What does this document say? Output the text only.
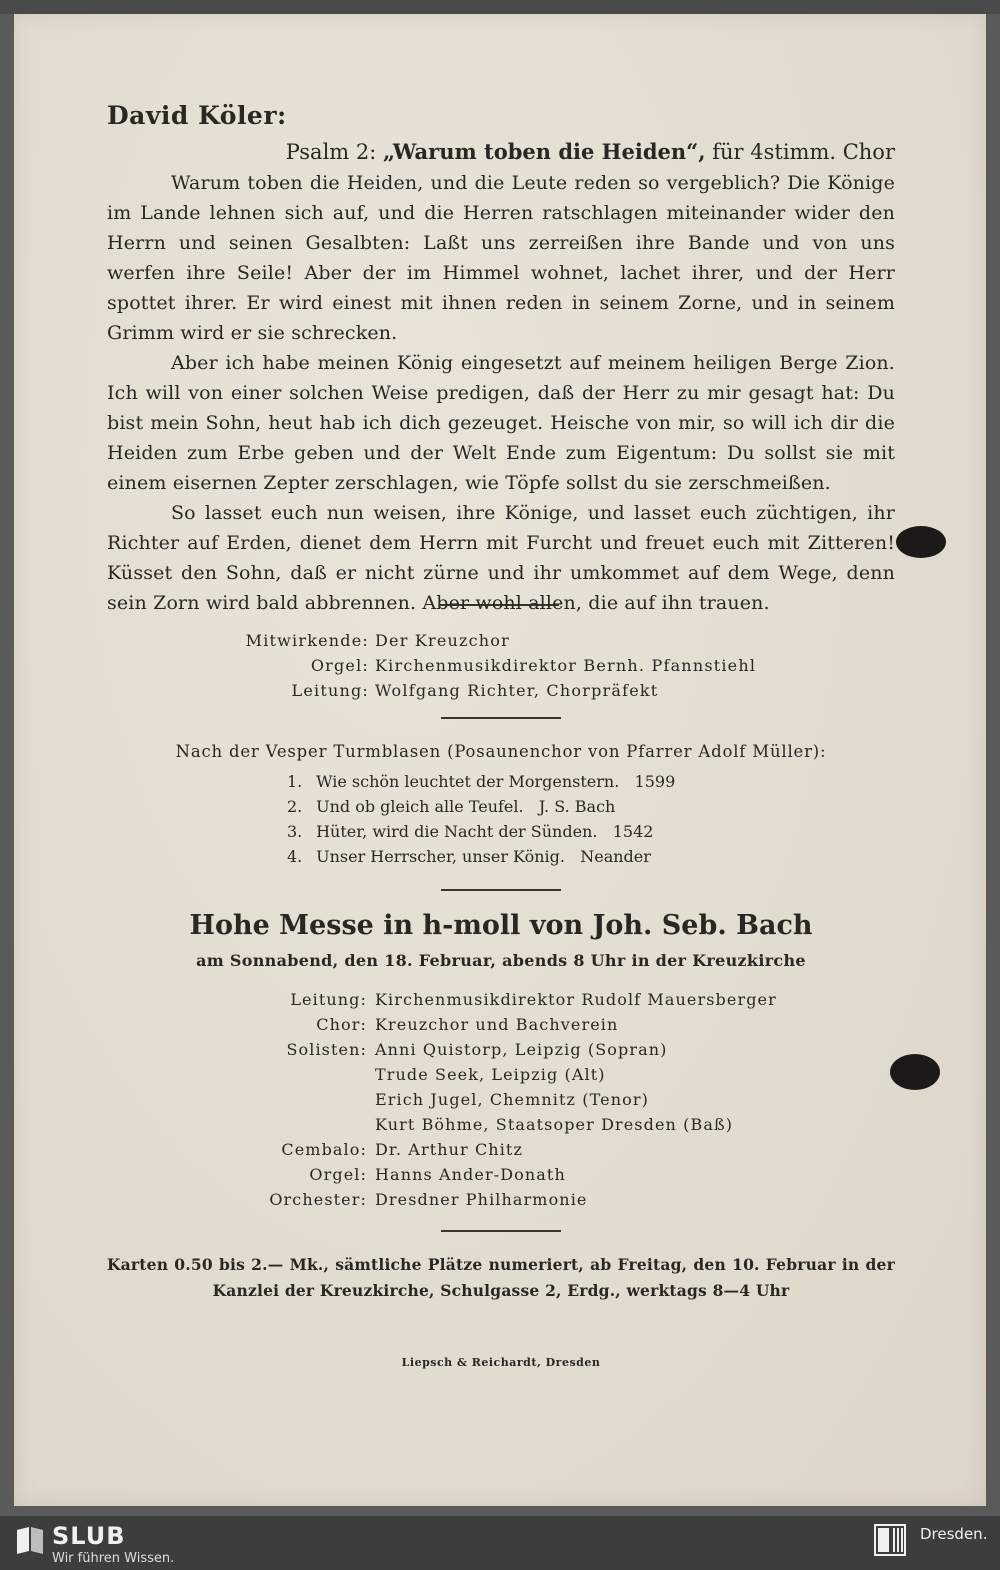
David Köler:

Psalm 2: „Warum toben die Heiden“, für 4stimm. Chor

Warum toben die Heiden, und die Leute reden so vergeblich? Die Könige im Lande lehnen sich auf, und die Herren ratschlagen miteinander wider den Herrn und seinen Gesalbten: Laßt uns zerreißen ihre Bande und von uns werfen ihre Seile! Aber der im Himmel wohnet, lachet ihrer, und der Herr spottet ihrer. Er wird einest mit ihnen reden in seinem Zorne, und in seinem Grimm wird er sie schrecken.

Aber ich habe meinen König eingesetzt auf meinem heiligen Berge Zion. Ich will von einer solchen Weise predigen, daß der Herr zu mir gesagt hat: Du bist mein Sohn, heut hab ich dich gezeuget. Heische von mir, so will ich dir die Heiden zum Erbe geben und der Welt Ende zum Eigentum: Du sollst sie mit einem eisernen Zepter zerschlagen, wie Töpfe sollst du sie zerschmeißen.

So lasset euch nun weisen, ihre Könige, und lasset euch züchtigen, ihr Richter auf Erden, dienet dem Herrn mit Furcht und freuet euch mit Zitteren! Küsset den Sohn, daß er nicht zürne und ihr umkommet auf dem Wege, denn sein Zorn wird bald abbrennen. Aber wohl allen, die auf ihn trauen.

Mitwirkende: Der Kreuzchor
Orgel: Kirchenmusikdirektor Bernh. Pfannstiehl
Leitung: Wolfgang Richter, Chorpräfekt

Nach der Vesper Turmblasen (Posaunenchor von Pfarrer Adolf Müller):

1. Wie schön leuchtet der Morgenstern. 1599
2. Und ob gleich alle Teufel. J. S. Bach
3. Hüter, wird die Nacht der Sünden. 1542
4. Unser Herrscher, unser König. Neander
Hohe Messe in h-moll von Joh. Seb. Bach

am Sonnabend, den 18. Februar, abends 8 Uhr in der Kreuzkirche

Leitung: Kirchenmusikdirektor Rudolf Mauersberger
Chor: Kreuzchor und Bachverein
Solisten: Anni Quistorp, Leipzig (Sopran)
Trude Seek, Leipzig (Alt)
Erich Jugel, Chemnitz (Tenor)
Kurt Böhme, Staatsoper Dresden (Baß)
Cembalo: Dr. Arthur Chitz
Orgel: Hanns Ander-Donath
Orchester: Dresdner Philharmonie

Karten 0.50 bis 2.— Mk., sämtliche Plätze numeriert, ab Freitag, den 10. Februar in der Kanzlei der Kreuzkirche, Schulgasse 2, Erdg., werktags 8—4 Uhr

Liepsch & Reichardt, Dresden

SLUB
Wir führen Wissen.
Dresden.
